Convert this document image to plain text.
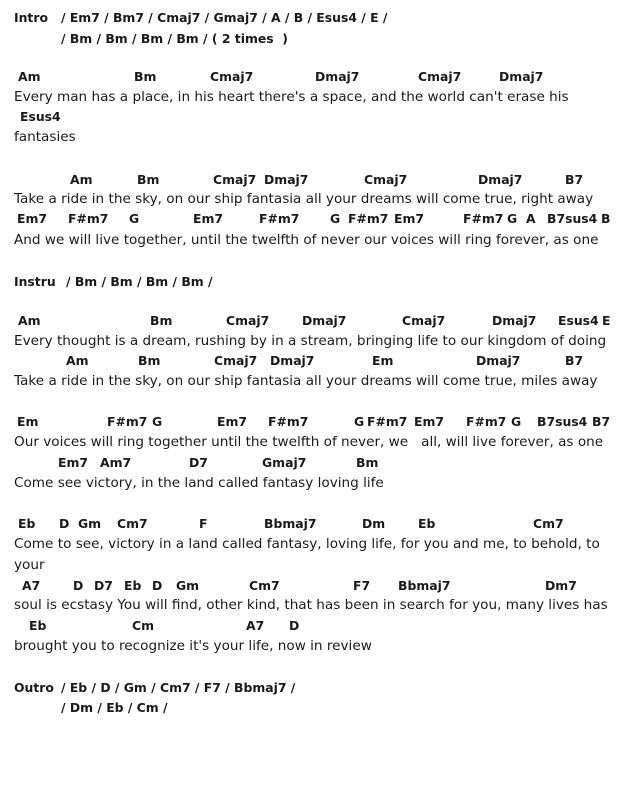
Intro

/ Em7 / Bm7 / Cmaj7 / Gmaj7 / A / B / Esus4 / E /

/ Bm / Bm / Bm / Bm / ( 2 times  )

Am

	Bm

	Cmaj7

	Dmaj7

	Cmaj7

	Dmaj7

Every man has a place, in his heart there's a space, and the world can't erase his

Esus4

fantasies

Am

	Bm

	Cmaj7

Dmaj7

	Cmaj7

	Dmaj7

	B7

Take a ride in the sky, on our ship fantasia all your dreams will come true, right away

Em7

F#m7

G

	Em7

	F#m7

G

F#m7

Em7

	F#m7

G

A

B7sus4

B

And we will live together, until the twelfth of never our voices will ring forever, as one

Instru

/ Bm / Bm / Bm / Bm /

Am

	Bm

	Cmaj7

	Dmaj7

	Cmaj7

	Dmaj7

Esus4

E

Every thought is a dream, rushing by in a stream, bringing life to our kingdom of doing

Am

	Bm

	Cmaj7

Dmaj7

	Em

	Dmaj7

	B7

Take a ride in the sky, on our ship fantasia all your dreams will come true, miles away

Em

	F#m7

G

	Em7

F#m7

	G

F#m7

Em7

F#m7

G

B7sus4

B7

Our voices will ring together until the twelfth of never, we   all, will live forever, as one

Em7

Am7

	D7

	Gmaj7

	Bm

Come see victory, in the land called fantasy loving life

Eb

D

Gm

Cm7

	F

	Bbmaj7

	Dm

	Eb

	Cm7

Come to see, victory in a land called fantasy, loving life, for you and me, to behold, to

your

A7

	D

D7

Eb

D

Gm

	Cm7

	F7

Bbmaj7

	Dm7

soul is ecstasy You will find, other kind, that has been in search for you, many lives has

Eb

	Cm

	A7

D

brought you to recognize it's your life, now in review

Outro

/ Eb / D / Gm / Cm7 / F7 / Bbmaj7 /

/ Dm / Eb / Cm /
